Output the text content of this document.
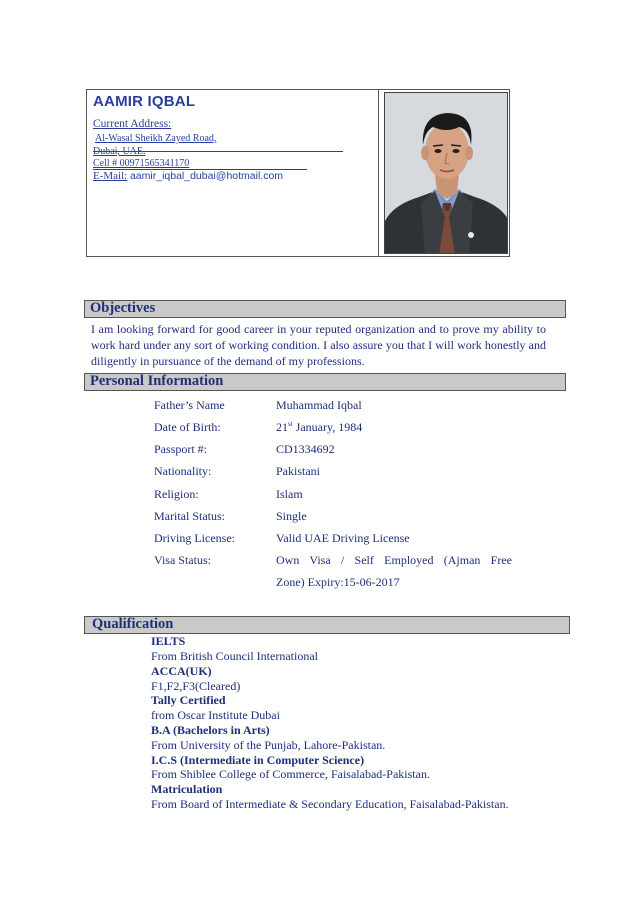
AAMIR IQBAL
Current Address:
Al-Wasal Sheikh Zayed Road,
Dubai, UAE.
Cell # 00971565341170
E-Mail: aamir_iqbal_dubai@hotmail.com
Objectives
I am looking forward for good career in your reputed organization and to prove my ability to work hard under any sort of working condition. I also assure you that I will work honestly and diligently in pursuance of the demand of my professions.
Personal Information
Father’s Name	Muhammad Iqbal
Date of Birth:	21st January, 1984
Passport #:	CD1334692
Nationality:	Pakistani
Religion:	Islam
Marital Status:	Single
Driving License:	Valid UAE Driving License
Visa Status:	Own Visa / Self Employed (Ajman Free
Zone) Expiry:15-06-2017
Qualification
IELTS
From British Council International
ACCA(UK)
F1,F2,F3(Cleared)
Tally Certified
from Oscar Institute Dubai
B.A (Bachelors in Arts)
From University of the Punjab, Lahore-Pakistan.
I.C.S (Intermediate in Computer Science)
From Shiblee College of Commerce, Faisalabad-Pakistan.
Matriculation
From Board of Intermediate & Secondary Education, Faisalabad-Pakistan.
